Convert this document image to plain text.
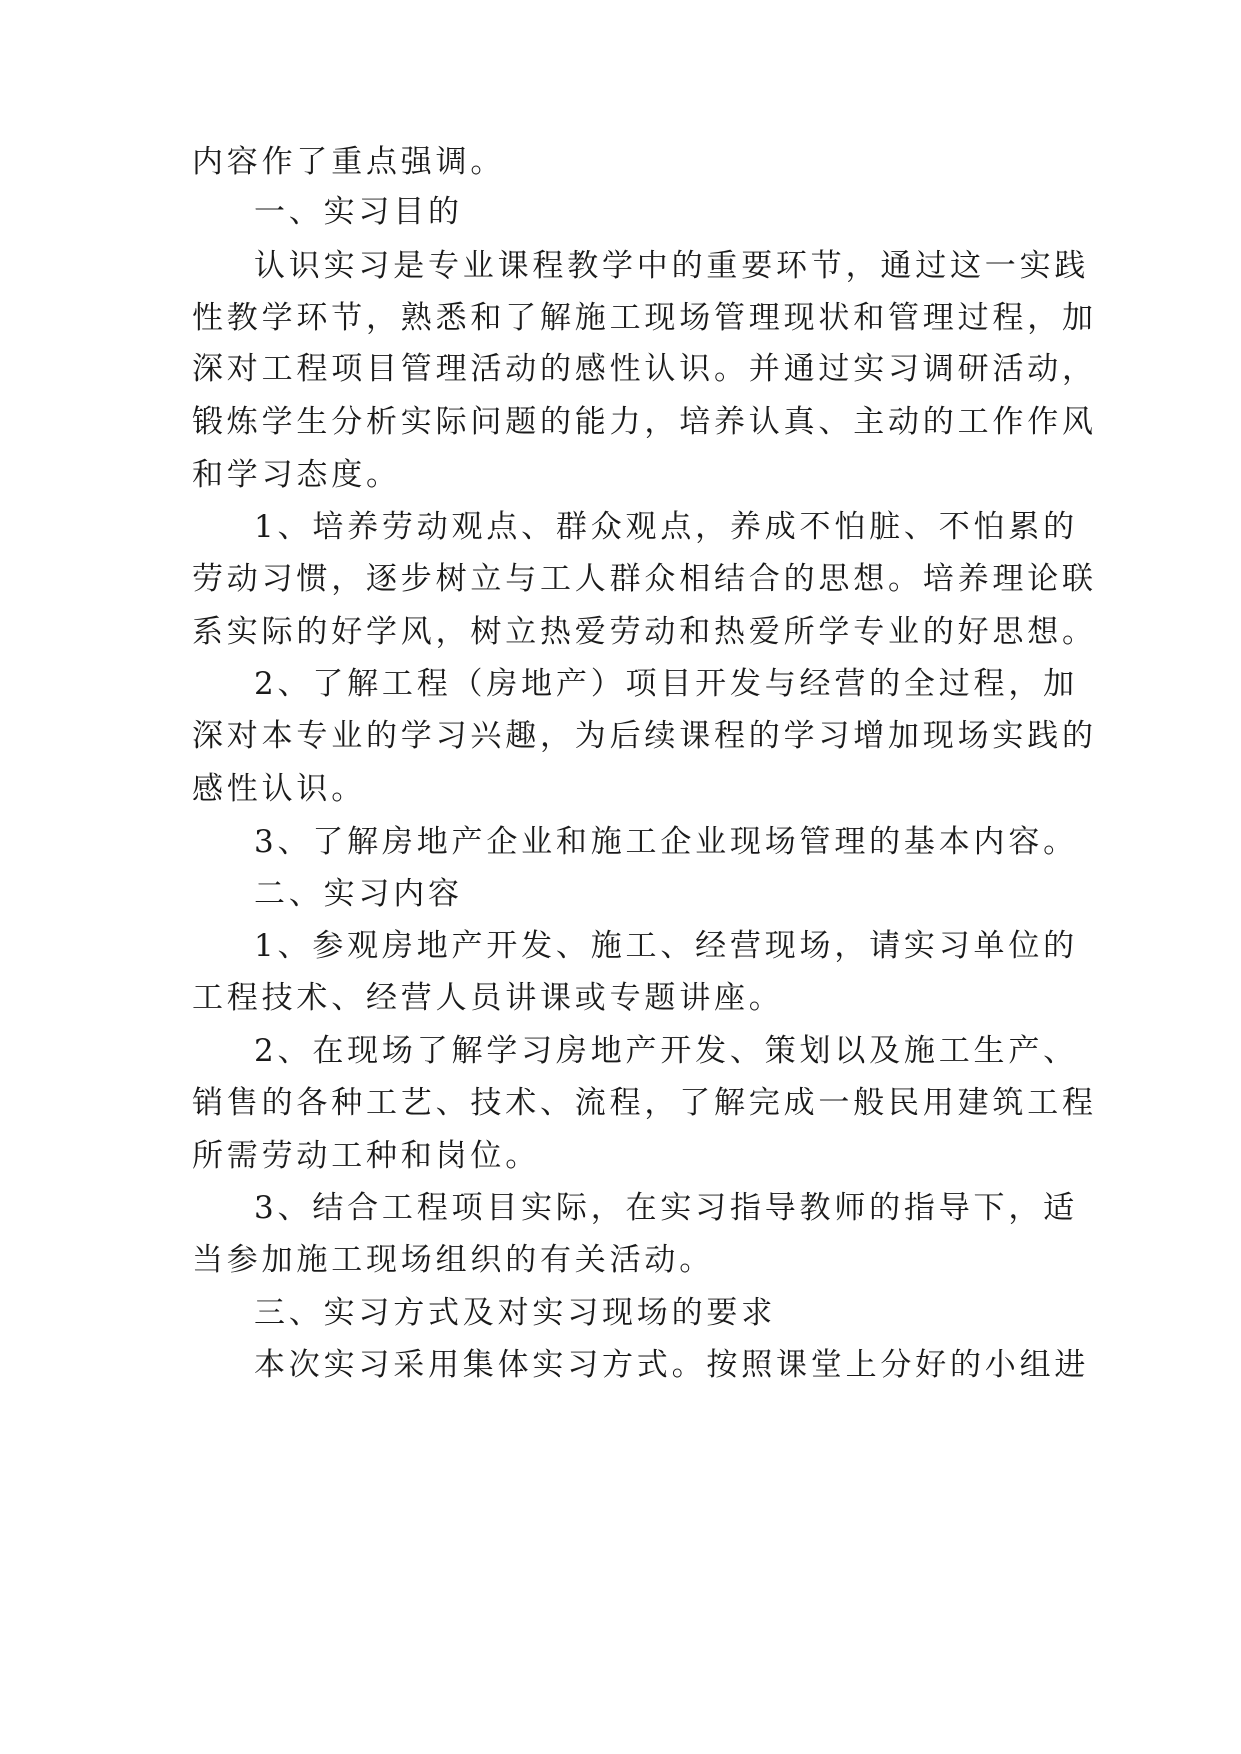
内容作了重点强调。
一、实习目的
认识实习是专业课程教学中的重要环节，通过这一实践
性教学环节，熟悉和了解施工现场管理现状和管理过程，加
深对工程项目管理活动的感性认识。并通过实习调研活动，
锻炼学生分析实际问题的能力，培养认真、主动的工作作风
和学习态度。
1、培养劳动观点、群众观点，养成不怕脏、不怕累的
劳动习惯，逐步树立与工人群众相结合的思想。培养理论联
系实际的好学风，树立热爱劳动和热爱所学专业的好思想。
2、了解工程（房地产）项目开发与经营的全过程，加
深对本专业的学习兴趣，为后续课程的学习增加现场实践的
感性认识。
3、了解房地产企业和施工企业现场管理的基本内容。
二、实习内容
1、参观房地产开发、施工、经营现场，请实习单位的
工程技术、经营人员讲课或专题讲座。
2、在现场了解学习房地产开发、策划以及施工生产、
销售的各种工艺、技术、流程，了解完成一般民用建筑工程
所需劳动工种和岗位。
3、结合工程项目实际，在实习指导教师的指导下，适
当参加施工现场组织的有关活动。
三、实习方式及对实习现场的要求
本次实习采用集体实习方式。按照课堂上分好的小组进
